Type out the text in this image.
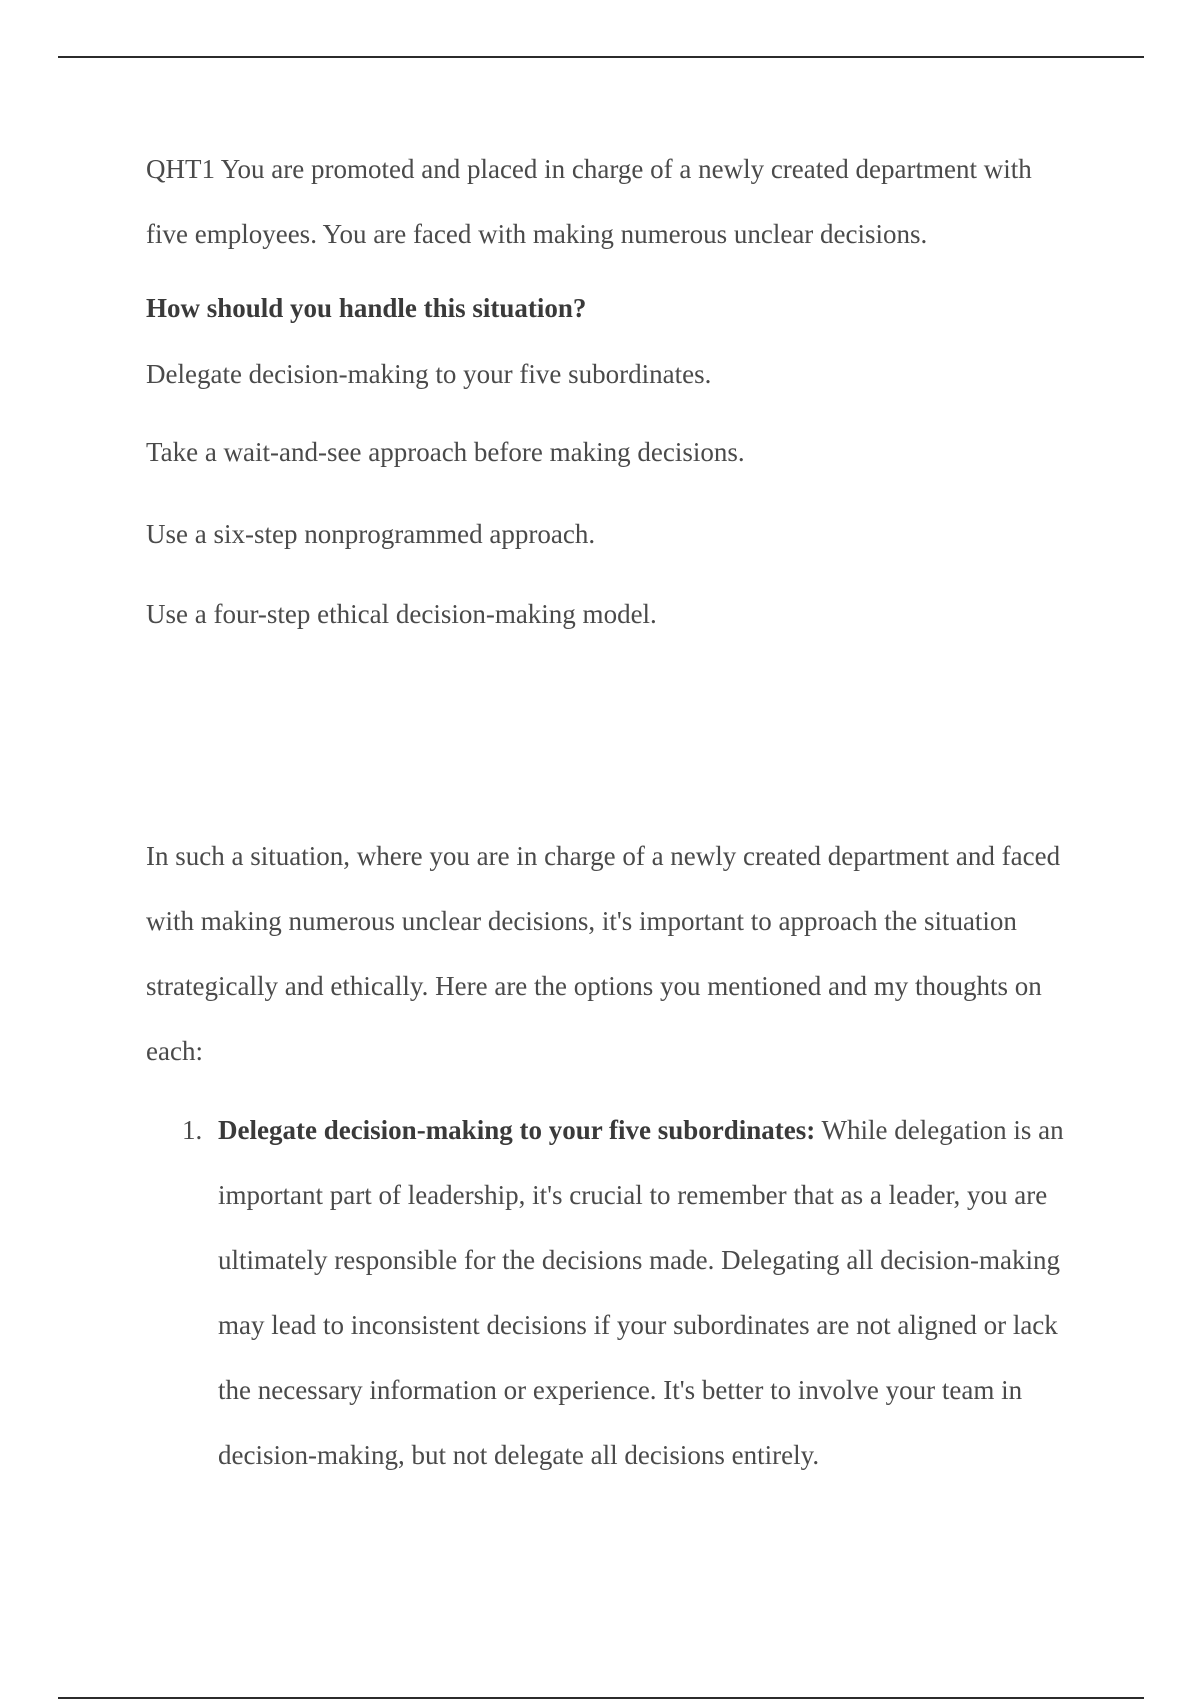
QHT1 You are promoted and placed in charge of a newly created department with five employees. You are faced with making numerous unclear decisions.

How should you handle this situation?

Delegate decision-making to your five subordinates.

Take a wait-and-see approach before making decisions.

Use a six-step nonprogrammed approach.

Use a four-step ethical decision-making model.

In such a situation, where you are in charge of a newly created department and faced with making numerous unclear decisions, it's important to approach the situation strategically and ethically. Here are the options you mentioned and my thoughts on each:

1. Delegate decision-making to your five subordinates: While delegation is an important part of leadership, it's crucial to remember that as a leader, you are ultimately responsible for the decisions made. Delegating all decision-making may lead to inconsistent decisions if your subordinates are not aligned or lack the necessary information or experience. It's better to involve your team in decision-making, but not delegate all decisions entirely.
